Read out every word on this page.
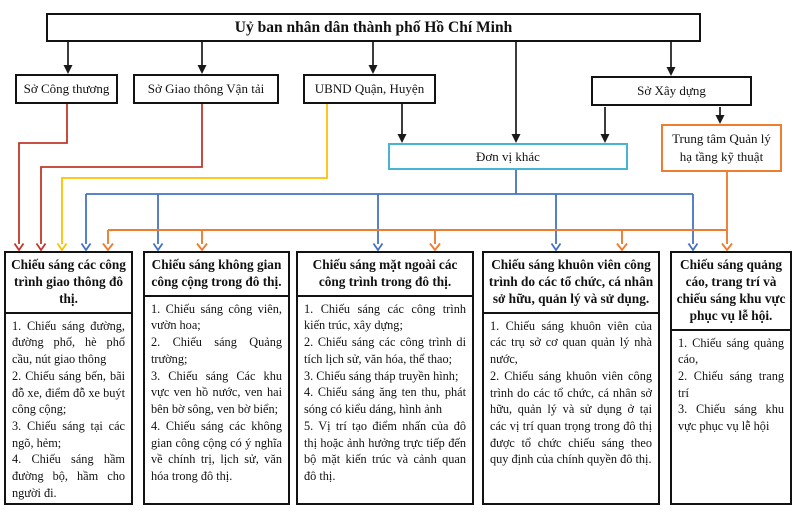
Uỷ ban nhân dân thành phố Hồ Chí Minh
Sở Công thương	Sở Giao thông Vận tải	UBND Quận, Huyện	Sở Xây dựng
Đơn vị khác
Trung tâm Quản lý hạ tầng kỹ thuật
Chiếu sáng các công trình giao thông đô thị.

1. Chiếu sáng đường, đường phố, hè phố cầu, nút giao thông

2. Chiếu sáng bến, bãi đỗ xe, điểm đỗ xe buýt công cộng;

3. Chiếu sáng tại các ngõ, hẻm;

4. Chiếu sáng hầm đường bộ, hầm cho người đi.

Chiếu sáng không gian công cộng trong đô thị.

1. Chiếu sáng công viên, vườn hoa;

2. Chiếu sáng Quảng trường;

3. Chiếu sáng Các khu vực ven hồ nước, ven hai bên bờ sông, ven bờ biển;

4. Chiếu sáng các không gian công cộng có ý nghĩa về chính trị, lịch sử, văn hóa trong đô thị.

Chiếu sáng mặt ngoài các công trình trong đô thị.

1. Chiếu sáng các công trình kiến trúc, xây dựng;

2. Chiếu sáng các công trình di tích lịch sử, văn hóa, thể thao;

3. Chiếu sáng tháp truyền hình;

4. Chiếu sáng ăng ten thu, phát sóng có kiểu dáng, hình ảnh

5. Vị trí tạo điểm nhấn của đô thị hoặc ảnh hưởng trực tiếp đến bộ mặt kiến trúc và cảnh quan đô thị.

Chiếu sáng khuôn viên công trình do các tổ chức, cá nhân sở hữu, quản lý và sử dụng.

1. Chiếu sáng khuôn viên của các trụ sở cơ quan quản lý nhà nước,

2. Chiếu sáng khuôn viên công trình do các tổ chức, cá nhân sở hữu, quản lý và sử dụng ở tại các vị trí quan trọng trong đô thị được tổ chức chiếu sáng theo quy định của chính quyền đô thị.

Chiếu sáng quảng cáo, trang trí và chiếu sáng khu vực phục vụ lễ hội.

1. Chiếu sáng quảng cáo,

2. Chiếu sáng trang trí

3. Chiếu sáng khu vực phục vụ lễ hội
